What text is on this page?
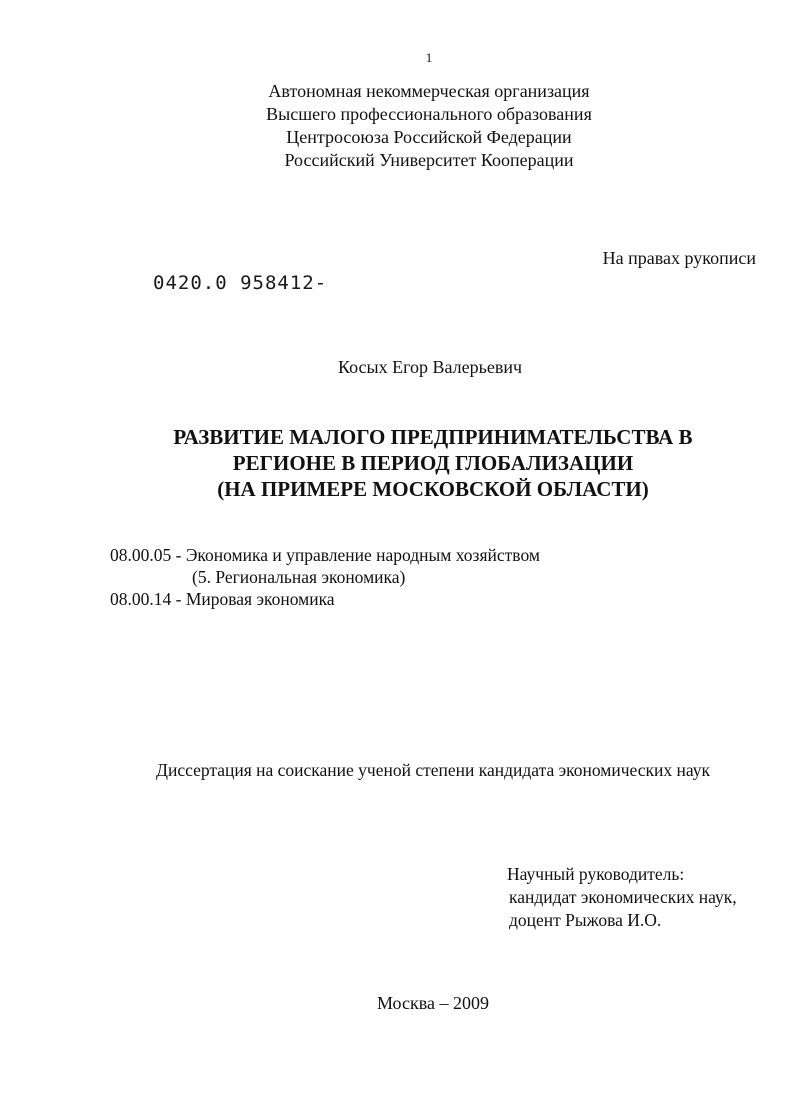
1
Автономная некоммерческая организация
Высшего профессионального образования
Центросоюза Российской Федерации
Российский Университет Кооперации
На правах рукописи
0420.0 958412-
Косых Егор Валерьевич
РАЗВИТИЕ МАЛОГО ПРЕДПРИНИМАТЕЛЬСТВА В
РЕГИОНЕ В ПЕРИОД ГЛОБАЛИЗАЦИИ
(НА ПРИМЕРЕ МОСКОВСКОЙ ОБЛАСТИ)
08.00.05 - Экономика и управление народным хозяйством
(5. Региональная экономика)
08.00.14 - Мировая экономика
Диссертация на соискание ученой степени кандидата экономических наук
Научный руководитель:
кандидат экономических наук,
доцент Рыжова И.О.
Москва – 2009
